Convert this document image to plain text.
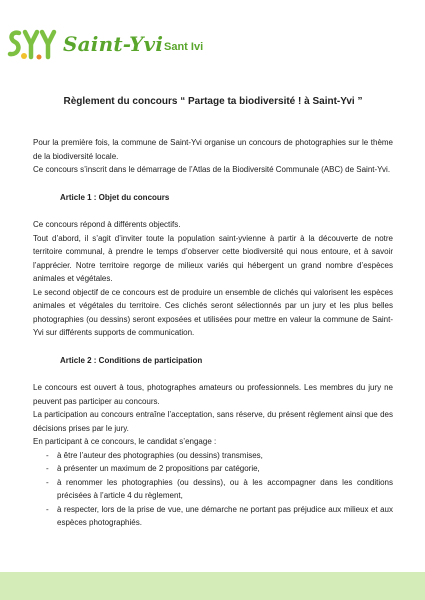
Saint-Yvi Sant Ivi
Règlement du concours “ Partage ta biodiversité ! à Saint-Yvi ”

Pour la première fois, la commune de Saint-Yvi organise un concours de photographies sur le thème de la biodiversité locale.

Ce concours s’inscrit dans le démarrage de l’Atlas de la Biodiversité Communale (ABC) de Saint-Yvi.

Article 1 : Objet du concours

Ce concours répond à différents objectifs.

Tout d’abord, il s’agit d’inviter toute la population saint-yvienne à partir à la découverte de notre territoire communal, à prendre le temps d’observer cette biodiversité qui nous entoure, et à savoir l’apprécier. Notre territoire regorge de milieux variés qui hébergent un grand nombre d’espèces animales et végétales.

Le second objectif de ce concours est de produire un ensemble de clichés qui valorisent les espèces animales et végétales du territoire. Ces clichés seront sélectionnés par un jury et les plus belles photographies (ou dessins) seront exposées et utilisées pour mettre en valeur la commune de Saint-Yvi sur différents supports de communication.

Article 2 : Conditions de participation

Le concours est ouvert à tous, photographes amateurs ou professionnels. Les membres du jury ne peuvent pas participer au concours.

La participation au concours entraîne l’acceptation, sans réserve, du présent règlement ainsi que des décisions prises par le jury.

En participant à ce concours, le candidat s’engage :

- à être l’auteur des photographies (ou dessins) transmises,
- à présenter un maximum de 2 propositions par catégorie,
- à renommer les photographies (ou dessins), ou à les accompagner dans les conditions précisées à l’article 4 du règlement,
- à respecter, lors de la prise de vue, une démarche ne portant pas préjudice aux milieux et aux espèces photographiés.
